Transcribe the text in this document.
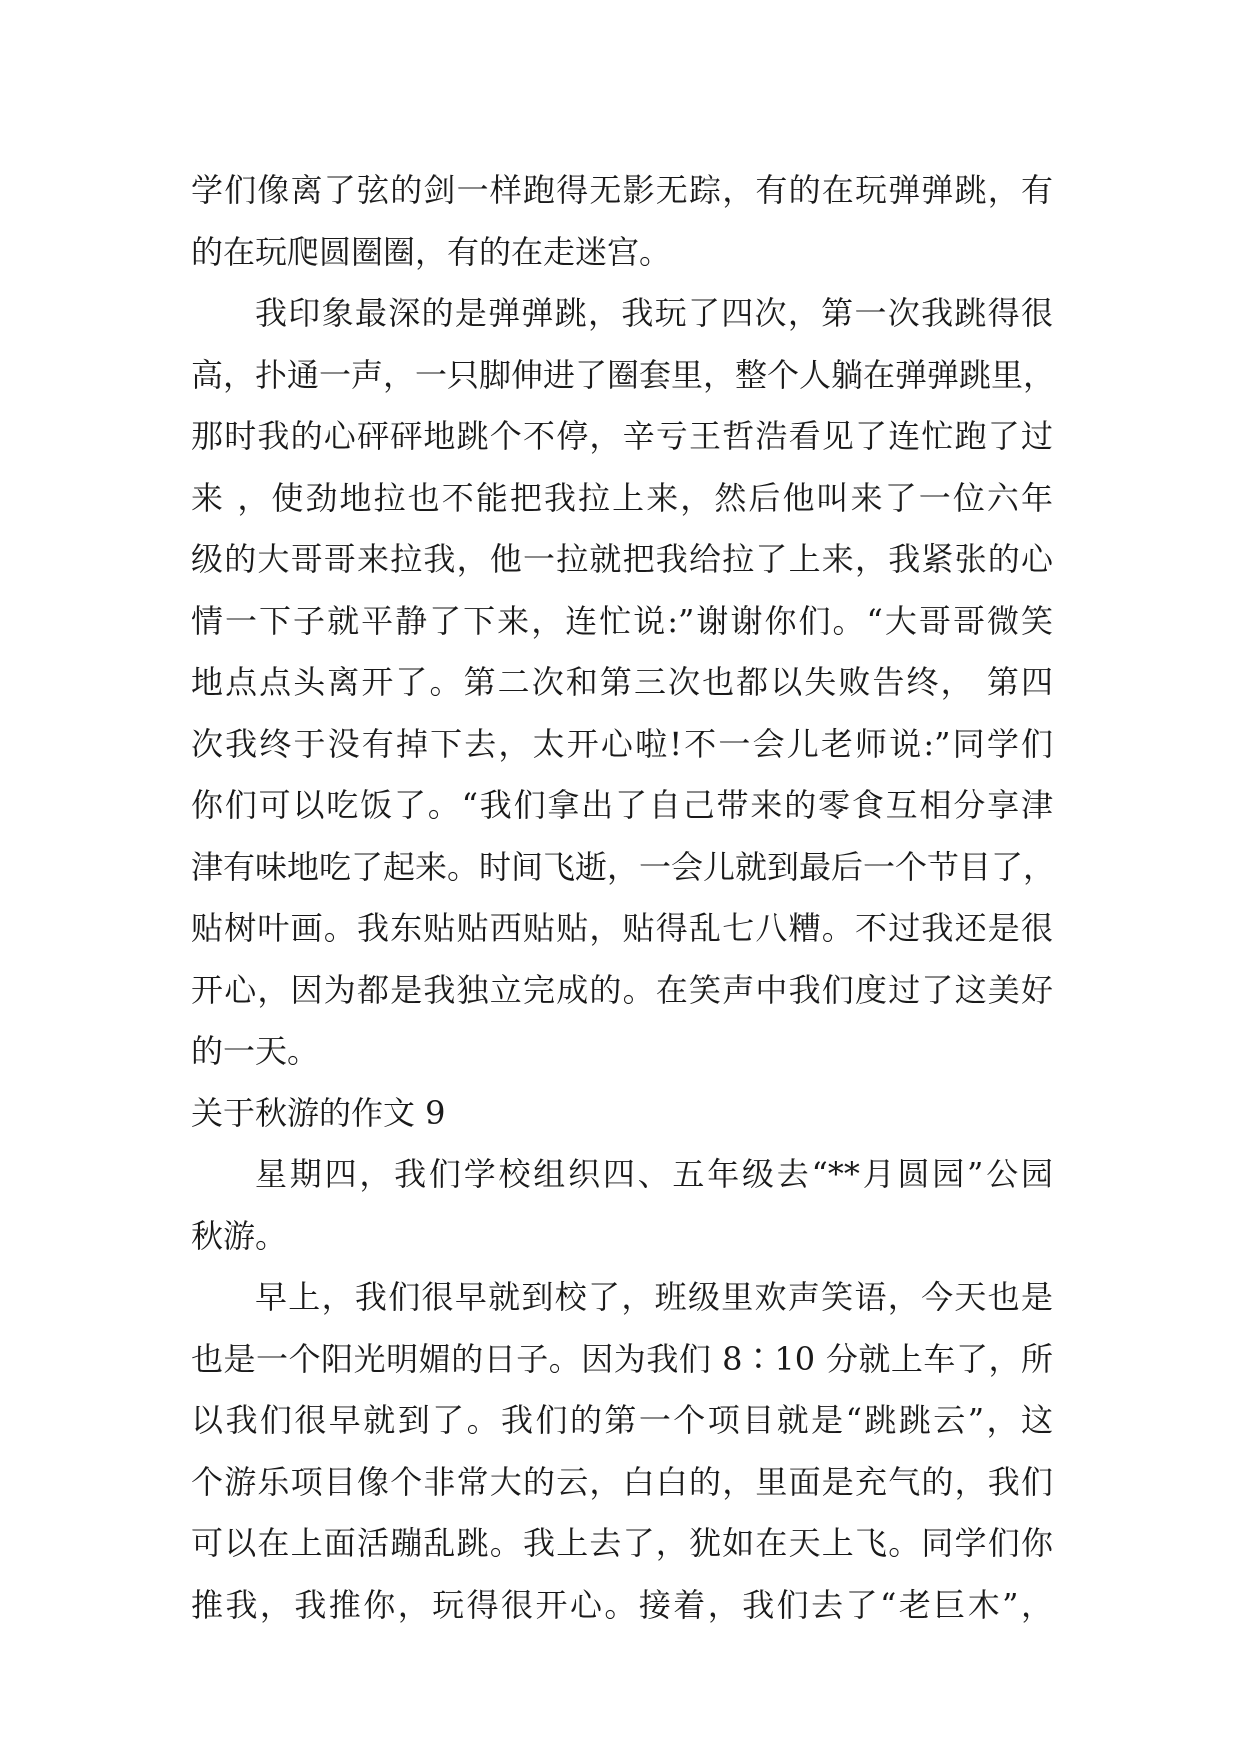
学们像离了弦的剑一样跑得无影无踪，有的在玩弹弹跳，有
的在玩爬圆圈圈，有的在走迷宫。
我印象最深的是弹弹跳，我玩了四次，第一次我跳得很
高，扑通一声，一只脚伸进了圈套里，整个人躺在弹弹跳里，
那时我的心砰砰地跳个不停，辛亏王哲浩看见了连忙跑了过
来 ，使劲地拉也不能把我拉上来，然后他叫来了一位六年
级的大哥哥来拉我，他一拉就把我给拉了上来，我紧张的心
情一下子就平静了下来，连忙说:”谢谢你们。“大哥哥微笑
地点点头离开了。第二次和第三次也都以失败告终， 第四
次我终于没有掉下去，太开心啦!不一会儿老师说:”同学们
你们可以吃饭了。“我们拿出了自己带来的零食互相分享津
津有味地吃了起来。时间飞逝，一会儿就到最后一个节目了，
贴树叶画。我东贴贴西贴贴，贴得乱七八糟。不过我还是很
开心，因为都是我独立完成的。在笑声中我们度过了这美好
的一天。
关于秋游的作文 9
星期四，我们学校组织四、五年级去“**月圆园”公园
秋游。
早上，我们很早就到校了，班级里欢声笑语，今天也是
也是一个阳光明媚的日子。因为我们 8∶10 分就上车了，所
以我们很早就到了。我们的第一个项目就是“跳跳云”，这
个游乐项目像个非常大的云，白白的，里面是充气的，我们
可以在上面活蹦乱跳。我上去了，犹如在天上飞。同学们你
推我，我推你，玩得很开心。接着，我们去了“老巨木”，
